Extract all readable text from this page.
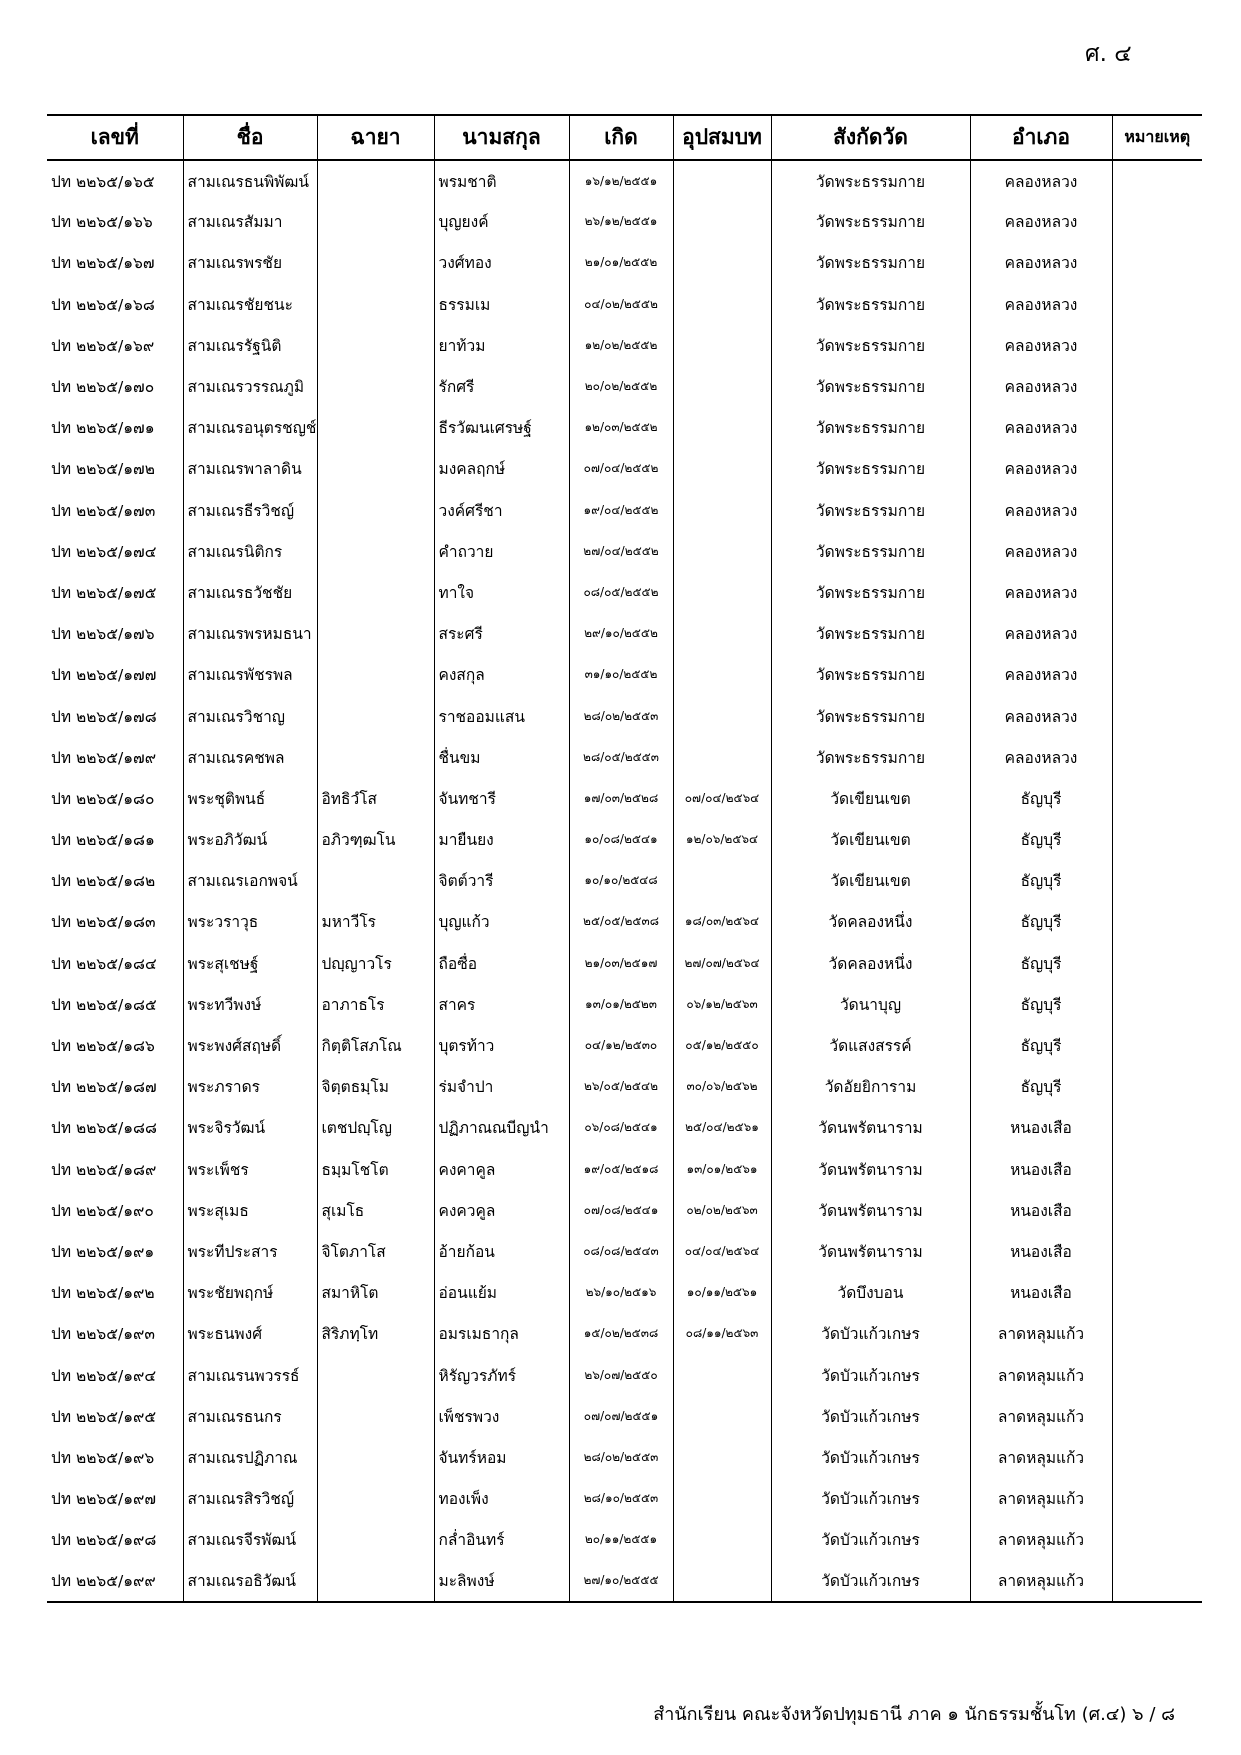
ศ. ๔
เลขที่	ชื่อ	ฉายา	นามสกุล	เกิด	อุปสมบท	สังกัดวัด	อำเภอ	หมายเหตุ
ปท ๒๒๖๕/๑๖๕	สามเณรธนพิพัฒน์		พรมชาติ	๑๖/๑๒/๒๕๕๑		วัดพระธรรมกาย	คลองหลวง	
ปท ๒๒๖๕/๑๖๖	สามเณรสัมมา		บุญยงค์	๒๖/๑๒/๒๕๕๑		วัดพระธรรมกาย	คลองหลวง	
ปท ๒๒๖๕/๑๖๗	สามเณรพรชัย		วงศ์ทอง	๒๑/๐๑/๒๕๕๒		วัดพระธรรมกาย	คลองหลวง	
ปท ๒๒๖๕/๑๖๘	สามเณรชัยชนะ		ธรรมเม	๐๔/๐๒/๒๕๕๒		วัดพระธรรมกาย	คลองหลวง	
ปท ๒๒๖๕/๑๖๙	สามเณรรัฐนิติ		ยาท้วม	๑๒/๐๒/๒๕๕๒		วัดพระธรรมกาย	คลองหลวง	
ปท ๒๒๖๕/๑๗๐	สามเณรวรรณภูมิ		รักศรี	๒๐/๐๒/๒๕๕๒		วัดพระธรรมกาย	คลองหลวง	
ปท ๒๒๖๕/๑๗๑	สามเณรอนุตรชญช์		ธีรวัฒนเศรษฐ์	๑๒/๐๓/๒๕๕๒		วัดพระธรรมกาย	คลองหลวง	
ปท ๒๒๖๕/๑๗๒	สามเณรพาลาดิน		มงคลฤกษ์	๐๗/๐๔/๒๕๕๒		วัดพระธรรมกาย	คลองหลวง	
ปท ๒๒๖๕/๑๗๓	สามเณรธีรวิชญ์		วงค์ศรีชา	๑๙/๐๔/๒๕๕๒		วัดพระธรรมกาย	คลองหลวง	
ปท ๒๒๖๕/๑๗๔	สามเณรนิติกร		คำถวาย	๒๗/๐๔/๒๕๕๒		วัดพระธรรมกาย	คลองหลวง	
ปท ๒๒๖๕/๑๗๕	สามเณรธวัชชัย		ทาใจ	๐๘/๐๕/๒๕๕๒		วัดพระธรรมกาย	คลองหลวง	
ปท ๒๒๖๕/๑๗๖	สามเณรพรหมธนา		สระศรี	๒๙/๑๐/๒๕๕๒		วัดพระธรรมกาย	คลองหลวง	
ปท ๒๒๖๕/๑๗๗	สามเณรพัชรพล		คงสกุล	๓๑/๑๐/๒๕๕๒		วัดพระธรรมกาย	คลองหลวง	
ปท ๒๒๖๕/๑๗๘	สามเณรวิชาญ		ราชออมแสน	๒๘/๐๒/๒๕๕๓		วัดพระธรรมกาย	คลองหลวง	
ปท ๒๒๖๕/๑๗๙	สามเณรคชพล		ชื่นขม	๒๘/๐๕/๒๕๕๓		วัดพระธรรมกาย	คลองหลวง	
ปท ๒๒๖๕/๑๘๐	พระชุติพนธ์	อิทธิวํโส	จันทชารี	๑๗/๐๓/๒๕๒๘	๐๗/๐๔/๒๕๖๔	วัดเขียนเขต	ธัญบุรี	
ปท ๒๒๖๕/๑๘๑	พระอภิวัฒน์	อภิวฑฺฒโน	มายืนยง	๑๐/๐๘/๒๕๔๑	๑๒/๐๖/๒๕๖๔	วัดเขียนเขต	ธัญบุรี	
ปท ๒๒๖๕/๑๘๒	สามเณรเอกพจน์		จิตต์วารี	๑๐/๑๐/๒๕๔๘		วัดเขียนเขต	ธัญบุรี	
ปท ๒๒๖๕/๑๘๓	พระวราวุธ	มหาวีโร	บุญแก้ว	๒๕/๐๕/๒๕๓๘	๑๘/๐๓/๒๕๖๔	วัดคลองหนึ่ง	ธัญบุรี	
ปท ๒๒๖๕/๑๘๔	พระสุเชษฐ์	ปญฺญาวโร	ถือซื่อ	๒๑/๐๓/๒๕๑๗	๒๗/๐๗/๒๕๖๔	วัดคลองหนึ่ง	ธัญบุรี	
ปท ๒๒๖๕/๑๘๕	พระทวีพงษ์	อาภาธโร	สาคร	๑๓/๐๑/๒๕๒๓	๐๖/๑๒/๒๕๖๓	วัดนาบุญ	ธัญบุรี	
ปท ๒๒๖๕/๑๘๖	พระพงศ์สฤษดิ์	กิตฺติโสภโณ	บุตรท้าว	๐๔/๑๒/๒๕๓๐	๐๕/๑๒/๒๕๕๐	วัดแสงสรรค์	ธัญบุรี	
ปท ๒๒๖๕/๑๘๗	พระภราดร	จิตฺตธมฺโม	ร่มจำปา	๒๖/๐๕/๒๕๔๒	๓๐/๐๖/๒๕๖๒	วัดอัยยิการาม	ธัญบุรี	
ปท ๒๒๖๕/๑๘๘	พระจิรวัฒน์	เตชปญฺโญ	ปฏิภาณณบีญนำ	๐๖/๐๘/๒๕๔๑	๒๕/๐๔/๒๕๖๑	วัดนพรัตนาราม	หนองเสือ	
ปท ๒๒๖๕/๑๘๙	พระเพ็ชร	ธมฺมโชโต	คงคาคูล	๑๙/๐๕/๒๕๑๘	๑๓/๐๑/๒๕๖๑	วัดนพรัตนาราม	หนองเสือ	
ปท ๒๒๖๕/๑๙๐	พระสุเมธ	สุเมโธ	คงควคูล	๐๗/๐๘/๒๕๔๑	๐๒/๐๒/๒๕๖๓	วัดนพรัตนาราม	หนองเสือ	
ปท ๒๒๖๕/๑๙๑	พระทีประสาร	จิโตภาโส	อ้ายก้อน	๐๘/๐๘/๒๕๔๓	๐๔/๐๔/๒๕๖๔	วัดนพรัตนาราม	หนองเสือ	
ปท ๒๒๖๕/๑๙๒	พระชัยพฤกษ์	สมาหิโต	อ่อนแย้ม	๒๖/๑๐/๒๕๑๖	๑๐/๑๑/๒๕๖๑	วัดบึงบอน	หนองเสือ	
ปท ๒๒๖๕/๑๙๓	พระธนพงศ์	สิริภทฺโท	อมรเมธากุล	๑๕/๐๒/๒๕๓๘	๐๘/๑๑/๒๕๖๓	วัดบัวแก้วเกษร	ลาดหลุมแก้ว	
ปท ๒๒๖๕/๑๙๔	สามเณรนพวรรธ์		หิรัญวรภัทร์	๒๖/๐๗/๒๕๕๐		วัดบัวแก้วเกษร	ลาดหลุมแก้ว	
ปท ๒๒๖๕/๑๙๕	สามเณรธนกร		เพ็ชรพวง	๐๗/๐๗/๒๕๕๑		วัดบัวแก้วเกษร	ลาดหลุมแก้ว	
ปท ๒๒๖๕/๑๙๖	สามเณรปฏิภาณ		จันทร์หอม	๒๘/๐๒/๒๕๕๓		วัดบัวแก้วเกษร	ลาดหลุมแก้ว	
ปท ๒๒๖๕/๑๙๗	สามเณรสิรวิชญ์		ทองเพ็ง	๒๘/๑๐/๒๕๕๓		วัดบัวแก้วเกษร	ลาดหลุมแก้ว	
ปท ๒๒๖๕/๑๙๘	สามเณรจีรพัฒน์		กล่ำอินทร์	๒๐/๑๑/๒๕๕๑		วัดบัวแก้วเกษร	ลาดหลุมแก้ว	
ปท ๒๒๖๕/๑๙๙	สามเณรอธิวัฒน์		มะลิพงษ์	๒๗/๑๐/๒๕๕๕		วัดบัวแก้วเกษร	ลาดหลุมแก้ว	
สำนักเรียน คณะจังหวัดปทุมธานี ภาค ๑ นักธรรมชั้นโท (ศ.๔) ๖ / ๘
